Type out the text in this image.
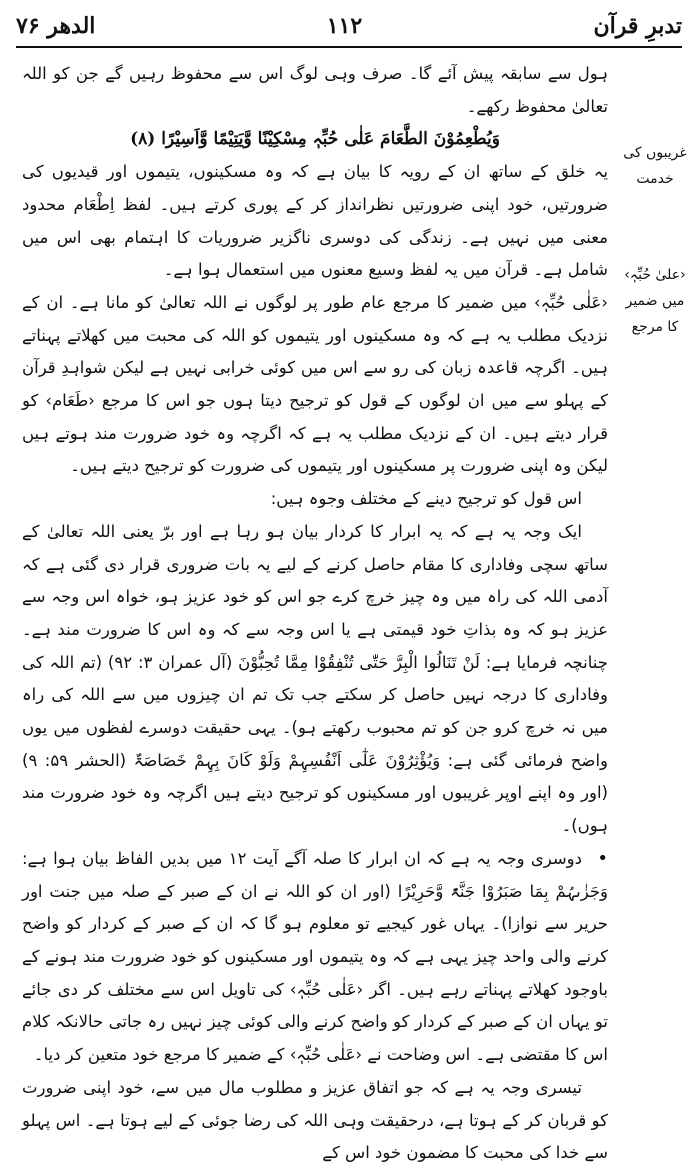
تدبرِ قرآن
۱۱۲
الدھر ۷۶
غریبوں کی خدمت
‹علیٰ حُبِّہٖ› میں ضمیر کا مرجع

ہول سے سابقہ پیش آئے گا۔ صرف وہی لوگ اس سے محفوظ رہیں گے جن کو اللہ تعالیٰ محفوظ رکھے۔

وَیُطْعِمُوْنَ الطَّعَامَ عَلٰی حُبِّہٖ مِسْکِیْنًا وَّیَتِیْمًا وَّاَسِیْرًا (۸)

یہ خلق کے ساتھ ان کے رویہ کا بیان ہے کہ وہ مسکینوں، یتیموں اور قیدیوں کی ضرورتیں، خود اپنی ضرورتیں نظرانداز کر کے پوری کرتے ہیں۔ لفظ اِطْعَام محدود معنی میں نہیں ہے۔ زندگی کی دوسری ناگزیر ضروریات کا اہتمام بھی اس میں شامل ہے۔ قرآن میں یہ لفظ وسیع معنوں میں استعمال ہوا ہے۔

‹عَلٰی حُبِّہٖ› میں ضمیر کا مرجع عام طور پر لوگوں نے اللہ تعالیٰ کو مانا ہے۔ ان کے نزدیک مطلب یہ ہے کہ وہ مسکینوں اور یتیموں کو اللہ کی محبت میں کھلاتے پہناتے ہیں۔ اگرچہ قاعدہ زبان کی رو سے اس میں کوئی خرابی نہیں ہے لیکن شواہدِ قرآن کے پہلو سے میں ان لوگوں کے قول کو ترجیح دیتا ہوں جو اس کا مرجع ‹طَعَام› کو قرار دیتے ہیں۔ ان کے نزدیک مطلب یہ ہے کہ اگرچہ وہ خود ضرورت مند ہوتے ہیں لیکن وہ اپنی ضرورت پر مسکینوں اور یتیموں کی ضرورت کو ترجیح دیتے ہیں۔

اس قول کو ترجیح دینے کے مختلف وجوہ ہیں:

ایک وجہ یہ ہے کہ یہ ابرار کا کردار بیان ہو رہا ہے اور برّ یعنی اللہ تعالیٰ کے ساتھ سچی وفاداری کا مقام حاصل کرنے کے لیے یہ بات ضروری قرار دی گئی ہے کہ آدمی اللہ کی راہ میں وہ چیز خرچ کرے جو اس کو خود عزیز ہو، خواہ اس وجہ سے عزیز ہو کہ وہ بذاتِ خود قیمتی ہے یا اس وجہ سے کہ وہ اس کا ضرورت مند ہے۔ چنانچہ فرمایا ہے: لَنْ تَنَالُوا الْبِرَّ حَتّٰی تُنْفِقُوْا مِمَّا تُحِبُّوْنَ (آل عمران ۳: ۹۲) (تم اللہ کی وفاداری کا درجہ نہیں حاصل کر سکتے جب تک تم ان چیزوں میں سے اللہ کی راہ میں نہ خرچ کرو جن کو تم محبوب رکھتے ہو)۔ یہی حقیقت دوسرے لفظوں میں یوں واضح فرمائی گئی ہے: وَیُؤْثِرُوْنَ عَلٰٓی اَنْفُسِہِمْ وَلَوْ کَانَ بِہِمْ خَصَاصَۃٌ (الحشر ۵۹: ۹) (اور وہ اپنے اوپر غریبوں اور مسکینوں کو ترجیح دیتے ہیں اگرچہ وہ خود ضرورت مند ہوں)۔

• دوسری وجہ یہ ہے کہ ان ابرار کا صلہ آگے آیت ۱۲ میں بدیں الفاظ بیان ہوا ہے: وَجَزٰىہُمْ بِمَا صَبَرُوْا جَنَّۃً وَّحَرِیْرًا (اور ان کو اللہ نے ان کے صبر کے صلہ میں جنت اور حریر سے نوازا)۔ یہاں غور کیجیے تو معلوم ہو گا کہ ان کے صبر کے کردار کو واضح کرنے والی واحد چیز یہی ہے کہ وہ یتیموں اور مسکینوں کو خود ضرورت مند ہونے کے باوجود کھلاتے پہناتے رہے ہیں۔ اگر ‹عَلٰی حُبِّہٖ› کی تاویل اس سے مختلف کر دی جائے تو یہاں ان کے صبر کے کردار کو واضح کرنے والی کوئی چیز نہیں رہ جاتی حالانکہ کلام اس کا مقتضی ہے۔ اس وضاحت نے ‹عَلٰی حُبِّہٖ› کے ضمیر کا مرجع خود متعین کر دیا۔

تیسری وجہ یہ ہے کہ جو اتفاق عزیز و مطلوب مال میں سے، خود اپنی ضرورت کو قربان کر کے ہوتا ہے، درحقیقت وہی اللہ کی رضا جوئی کے لیے ہوتا ہے۔ اس پہلو سے خدا کی محبت کا مضمون خود اس کے
